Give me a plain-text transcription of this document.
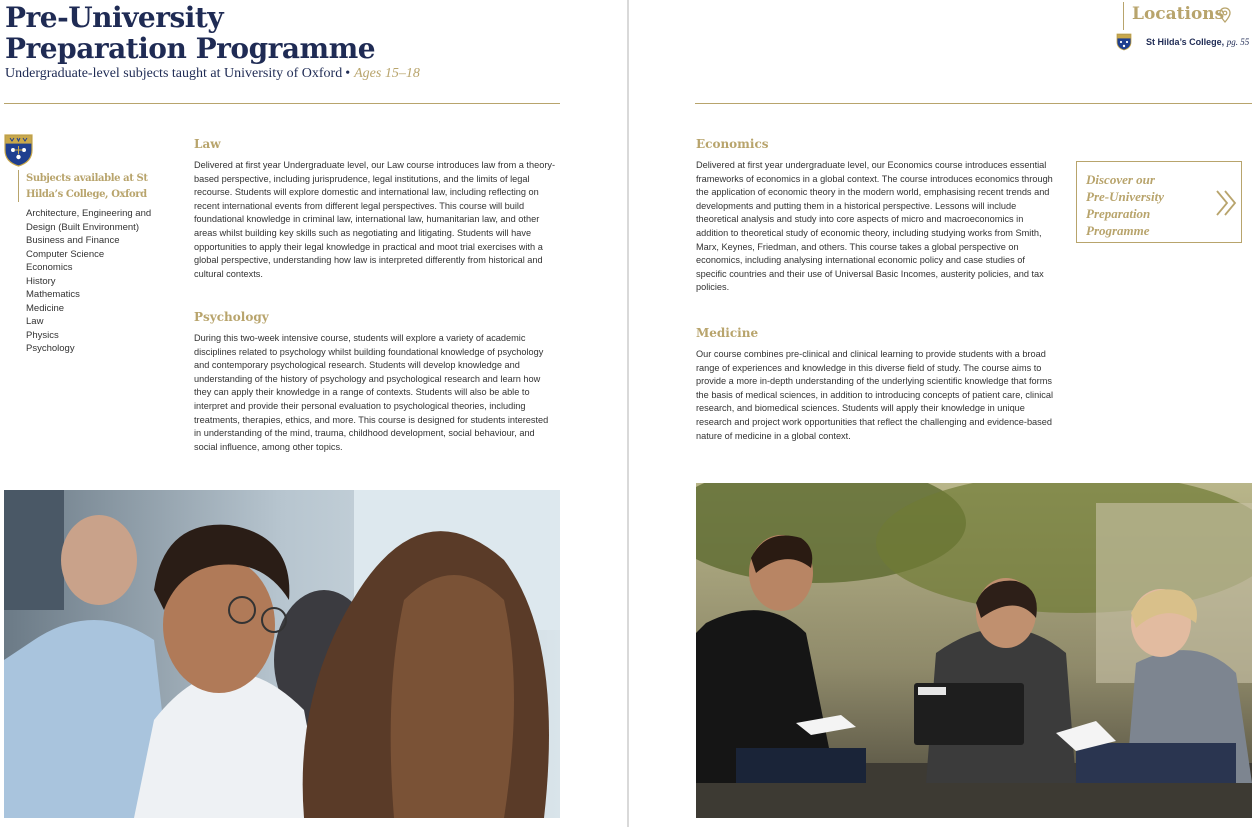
Pre-University
Preparation Programme
Undergraduate-level subjects taught at University of Oxford • Ages 15–18
Subjects available at St Hilda’s College, Oxford
Architecture, Engineering and
Design (Built Environment)
Business and Finance
Computer Science
Economics
History
Mathematics
Medicine
Law
Physics
Psychology
Law

Delivered at first year Undergraduate level, our Law course introduces law from a theory-based perspective, including jurisprudence, legal institutions, and the limits of legal recourse. Students will explore domestic and international law, including reflecting on recent international events from different legal perspectives. This course will build foundational knowledge in criminal law, international law, humanitarian law, and other areas whilst building key skills such as negotiating and litigating. Students will have opportunities to apply their legal knowledge in practical and moot trial exercises with a global perspective, understanding how law is interpreted differently from historical and cultural contexts.

Psychology

During this two-week intensive course, students will explore a variety of academic disciplines related to psychology whilst building foundational knowledge of psychology and contemporary psychological research. Students will develop knowledge and understanding of the history of psychology and psychological research and learn how they can apply their knowledge in a range of contexts. Students will also be able to interpret and provide their personal evaluation to psychological theories, including treatments, therapies, ethics, and more. This course is designed for students interested in understanding of the mind, trauma, childhood development, social behaviour, and social influence, among other topics.

Locations
St Hilda’s College, pg. 55
Economics

Delivered at first year undergraduate level, our Economics course introduces essential frameworks of economics in a global context. The course introduces economics through the application of economic theory in the modern world, emphasising recent trends and developments and putting them in a historical perspective. Lessons will include theoretical analysis and study into core aspects of micro and macroeconomics in addition to theoretical study of economic theory, including studying works from Smith, Marx, Keynes, Friedman, and others. This course takes a global perspective on economics, including analysing international economic policy and case studies of specific countries and their use of Universal Basic Incomes, austerity policies, and tax policies.

Medicine

Our course combines pre-clinical and clinical learning to provide students with a broad range of experiences and knowledge in this diverse field of study. The course aims to provide a more in-depth understanding of the underlying scientific knowledge that forms the basis of medical sciences, in addition to introducing concepts of patient care, clinical research, and biomedical sciences. Students will apply their knowledge in unique research and project work opportunities that reflect the challenging and evidence-based nature of medicine in a global context.

Discover our
Pre-University
Preparation
Programme
